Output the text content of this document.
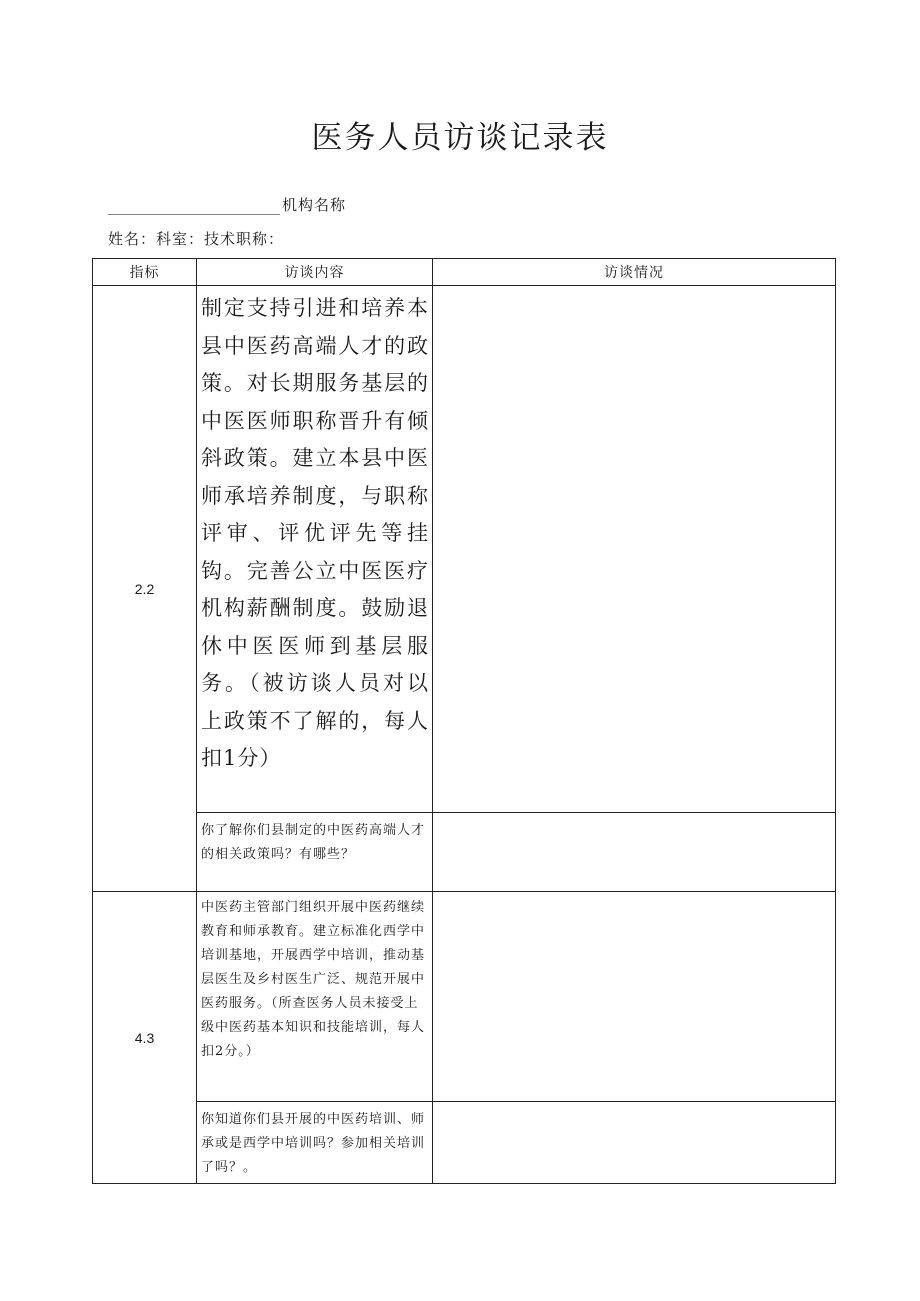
医务人员访谈记录表
机构名称
姓名：科室：技术职称：
指标	访谈内容	访谈情况
2.2	制定支持引进和培养本县中医药高端人才的政策。对长期服务基层的中医医师职称晋升有倾斜政策。建立本县中医师承培养制度，与职称评审、评优评先等挂钩。完善公立中医医疗机构薪酬制度。鼓励退休中医医师到基层服务。（被访谈人员对以上政策不了解的，每人扣1分）	

	你了解你们县制定的中医药高端人才的相关政策吗？有哪些？	

4.3	中医药主管部门组织开展中医药继续教育和师承教育。建立标准化西学中培训基地，开展西学中培训，推动基层医生及乡村医生广泛、规范开展中医药服务。（所查医务人员未接受上级中医药基本知识和技能培训，每人扣2分。）	

	你知道你们县开展的中医药培训、师承或是西学中培训吗？参加相关培训了吗？。	
